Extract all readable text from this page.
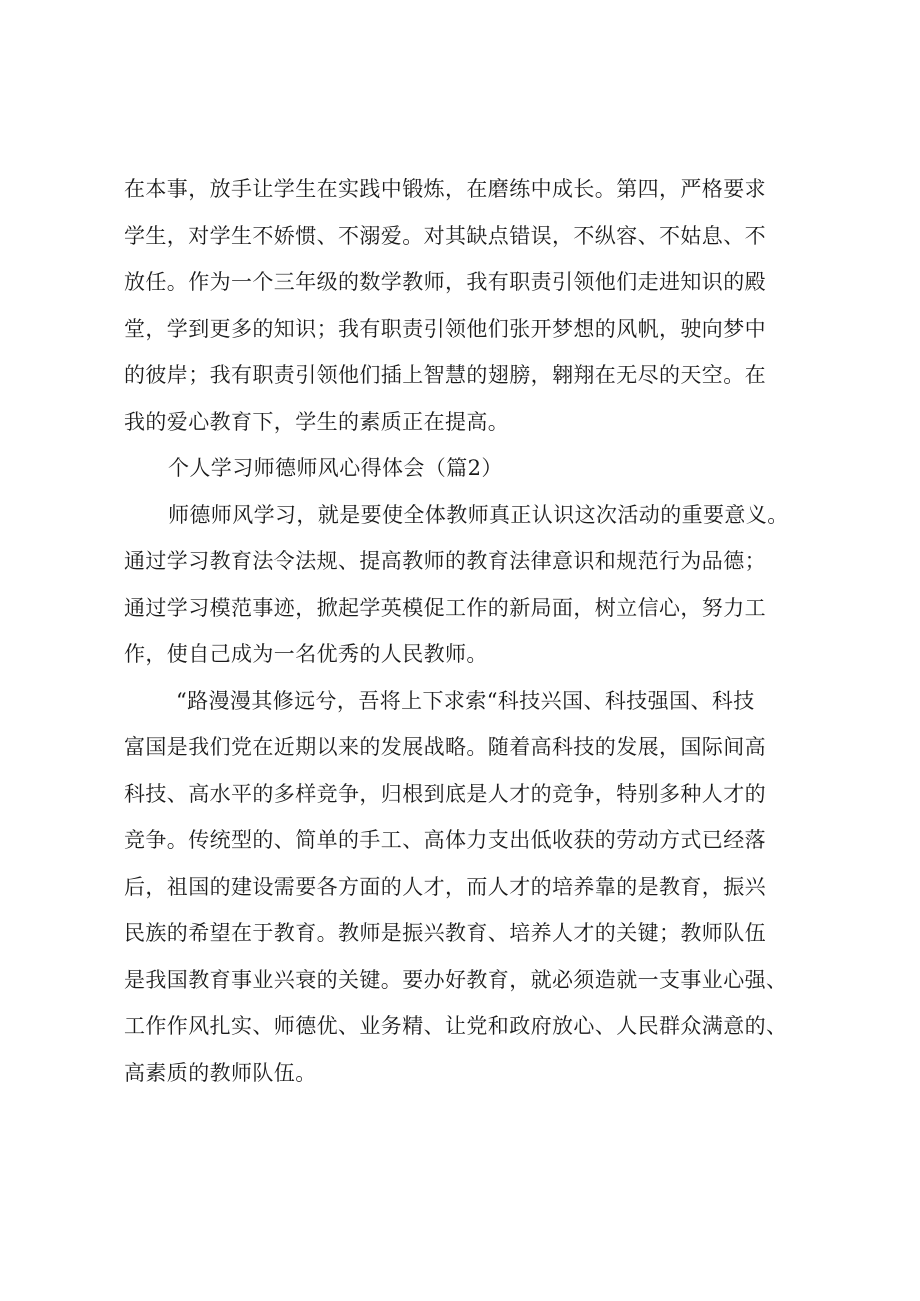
在本事，放手让学生在实践中锻炼，在磨练中成长。第四，严格要求
学生，对学生不娇惯、不溺爱。对其缺点错误，不纵容、不姑息、不
放任。作为一个三年级的数学教师，我有职责引领他们走进知识的殿
堂，学到更多的知识；我有职责引领他们张开梦想的风帆，驶向梦中
的彼岸；我有职责引领他们插上智慧的翅膀，翱翔在无尽的天空。在
我的爱心教育下，学生的素质正在提高。
个人学习师德师风心得体会（篇2）
师德师风学习，就是要使全体教师真正认识这次活动的重要意义。
通过学习教育法令法规、提高教师的教育法律意识和规范行为品德；
通过学习模范事迹，掀起学英模促工作的新局面，树立信心，努力工
作，使自己成为一名优秀的人民教师。
“路漫漫其修远兮，吾将上下求索“科技兴国、科技强国、科技
富国是我们党在近期以来的发展战略。随着高科技的发展，国际间高
科技、高水平的多样竞争，归根到底是人才的竞争，特别多种人才的
竞争。传统型的、简单的手工、高体力支出低收获的劳动方式已经落
后，祖国的建设需要各方面的人才，而人才的培养靠的是教育，振兴
民族的希望在于教育。教师是振兴教育、培养人才的关键；教师队伍
是我国教育事业兴衰的关键。要办好教育，就必须造就一支事业心强、
工作作风扎实、师德优、业务精、让党和政府放心、人民群众满意的、
高素质的教师队伍。
